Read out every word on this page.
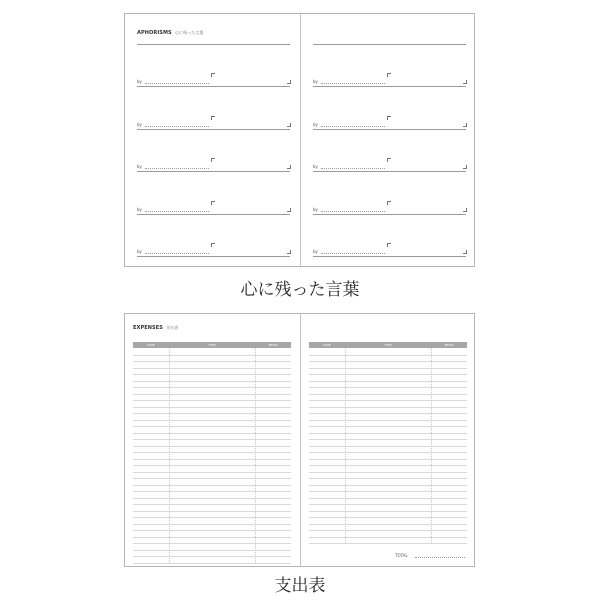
APHORISMS 心に残った言葉
by
by
by
by
by
by
by
by
by
by
心に残った言葉
EXPENSES 支出表
TOTAL
DATE	ITEM	PRICE	DATE	ITEM	PRICE
支出表
